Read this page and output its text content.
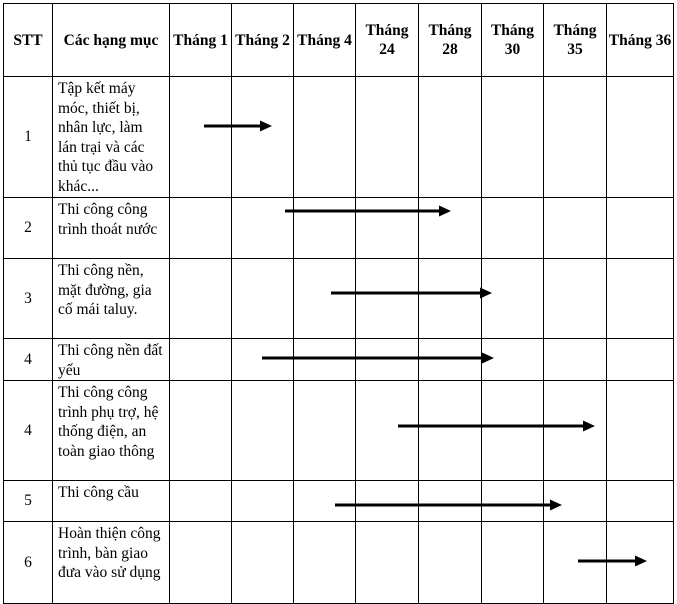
STT	Các hạng mục	Tháng 1	Tháng 2	Tháng 4	Tháng 24	Tháng 28	Tháng 30	Tháng 35	Tháng 36
1	Tập kết máy móc, thiết bị, nhân lực, làm lán trại và các thủ tục đầu vào khác...								
2	Thi công công trình thoát nước								
3	Thi công nền, mặt đường, gia cố mái taluy.								
4	Thi công nền đất yếu								
4	Thi công công trình phụ trợ, hệ thống điện, an toàn giao thông								
5	Thi công cầu								
6	Hoàn thiện công trình, bàn giao đưa vào sử dụng								
